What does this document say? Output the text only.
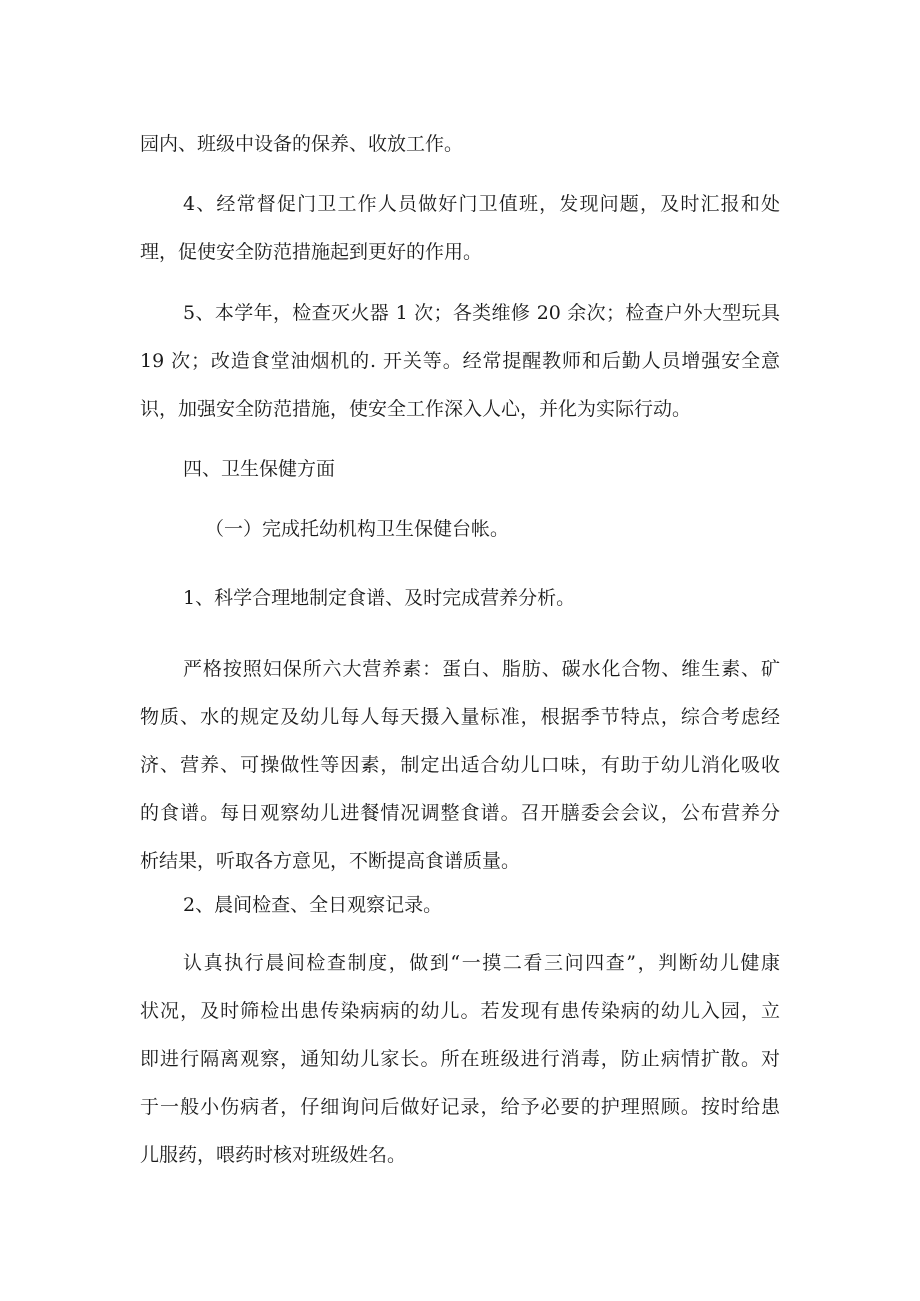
园内、班级中设备的保养、收放工作。

4、经常督促门卫工作人员做好门卫值班，发现问题，及时汇报和处

理，促使安全防范措施起到更好的作用。

5、本学年，检查灭火器 1 次；各类维修 20 余次；检查户外大型玩具

19 次；改造食堂油烟机的. 开关等。经常提醒教师和后勤人员增强安全意

识，加强安全防范措施，使安全工作深入人心，并化为实际行动。

四、卫生保健方面

（一）完成托幼机构卫生保健台帐。

1、科学合理地制定食谱、及时完成营养分析。

严格按照妇保所六大营养素：蛋白、脂肪、碳水化合物、维生素、矿

物质、水的规定及幼儿每人每天摄入量标准，根据季节特点，综合考虑经

济、营养、可操做性等因素，制定出适合幼儿口味，有助于幼儿消化吸收

的食谱。每日观察幼儿进餐情况调整食谱。召开膳委会会议，公布营养分

析结果，听取各方意见，不断提高食谱质量。

2、晨间检查、全日观察记录。

认真执行晨间检查制度，做到“一摸二看三问四查”，判断幼儿健康

状况，及时筛检出患传染病病的幼儿。若发现有患传染病的幼儿入园，立

即进行隔离观察，通知幼儿家长。所在班级进行消毒，防止病情扩散。对

于一般小伤病者，仔细询问后做好记录，给予必要的护理照顾。按时给患

儿服药，喂药时核对班级姓名。
